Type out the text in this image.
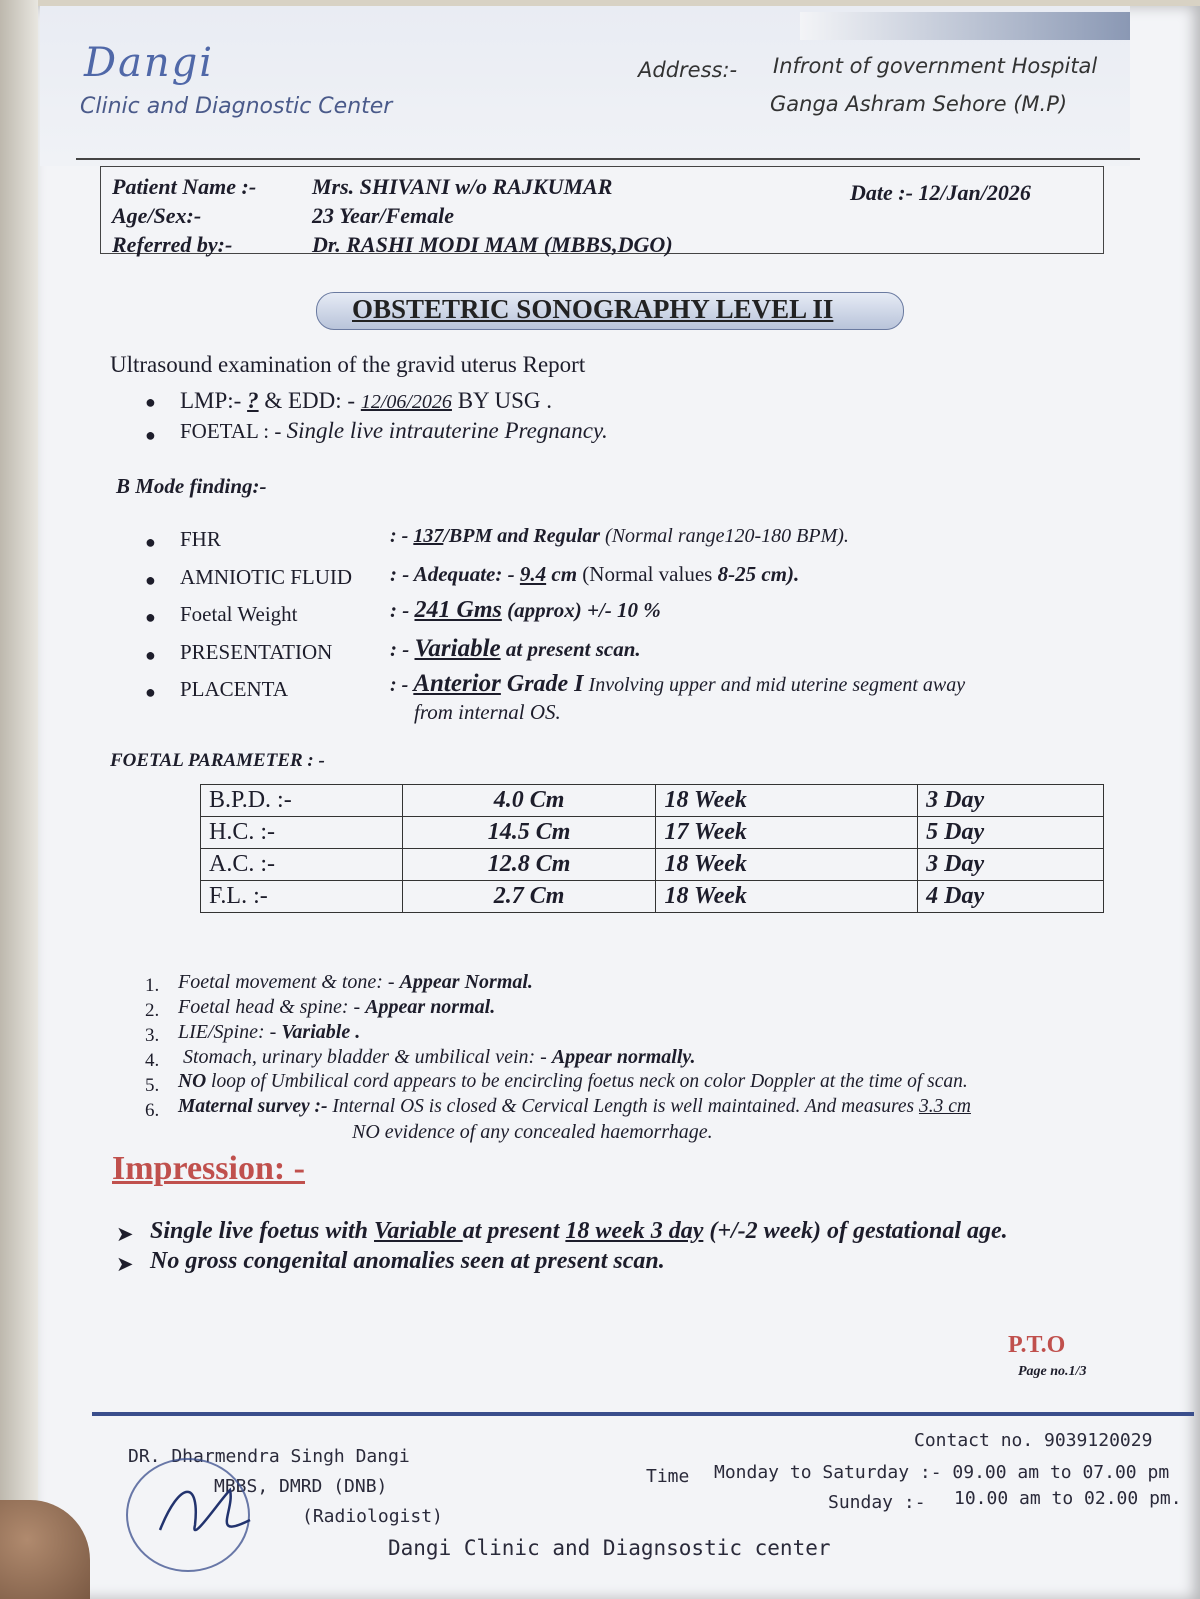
Dangi
Clinic and Diagnostic Center
Address:- Infront of government Hospital
Ganga Ashram Sehore (M.P)
Patient Name :-	Mrs. SHIVANI w/o RAJKUMAR	Date :- 12/Jan/2026
Age/Sex:-	23 Year/Female
Referred by:-	Dr. RASHI MODI MAM (MBBS,DGO)
OBSTETRIC SONOGRAPHY LEVEL II
Ultrasound examination of the gravid uterus Report
● LMP:- ? & EDD: - 12/06/2026 BY USG .
● FOETAL : - Single live intrauterine Pregnancy.
B Mode finding:-
● FHR	: - 137/BPM and Regular (Normal range120-180 BPM).
● AMNIOTIC FLUID : - Adequate: - 9.4 cm (Normal values 8-25 cm).
● Foetal Weight	: - 241 Gms (approx) +/- 10 %
● PRESENTATION	: - Variable at present scan.
● PLACENTA	: - Anterior Grade I Involving upper and mid uterine segment away
from internal OS.
FOETAL PARAMETER : -
B.P.D. :-	4.0 Cm	18 Week	3 Day
H.C. :-	14.5 Cm	17 Week	5 Day
A.C. :-	12.8 Cm	18 Week	3 Day
F.L. :-	2.7 Cm	18 Week	4 Day
1. Foetal movement & tone: - Appear Normal.
2. Foetal head & spine: - Appear normal.
3. LIE/Spine: - Variable .
4. Stomach, urinary bladder & umbilical vein: - Appear normally.
5. NO loop of Umbilical cord appears to be encircling foetus neck on color Doppler at the time of scan.
6. Maternal survey :- Internal OS is closed & Cervical Length is well maintained. And measures 3.3 cm
NO evidence of any concealed haemorrhage.
Impression: -
➤ Single live foetus with Variable at present 18 week 3 day (+/-2 week) of gestational age.
➤ No gross congenital anomalies seen at present scan.
P.T.O
Page no.1/3
DR. Dharmendra Singh Dangi
MBBS, DMRD (DNB)
(Radiologist)
Dangi Clinic and Diagnsostic center
Contact no. 9039120029
Time Monday to Saturday :- 09.00 am to 07.00 pm
Sunday :- 10.00 am to 02.00 pm.
